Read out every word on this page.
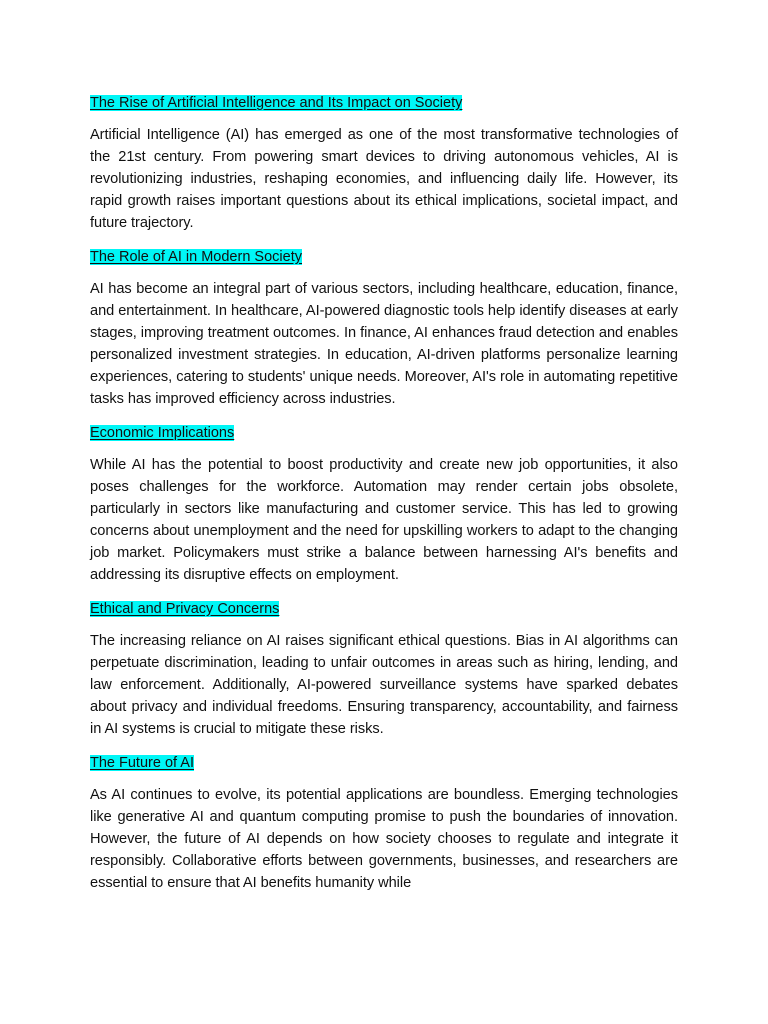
The Rise of Artificial Intelligence and Its Impact on Society

Artificial Intelligence (AI) has emerged as one of the most transformative technologies of the 21st century. From powering smart devices to driving autonomous vehicles, AI is revolutionizing industries, reshaping economies, and influencing daily life. However, its rapid growth raises important questions about its ethical implications, societal impact, and future trajectory.

The Role of AI in Modern Society

AI has become an integral part of various sectors, including healthcare, education, finance, and entertainment. In healthcare, AI-powered diagnostic tools help identify diseases at early stages, improving treatment outcomes. In finance, AI enhances fraud detection and enables personalized investment strategies. In education, AI-driven platforms personalize learning experiences, catering to students' unique needs. Moreover, AI's role in automating repetitive tasks has improved efficiency across industries.

Economic Implications

While AI has the potential to boost productivity and create new job opportunities, it also poses challenges for the workforce. Automation may render certain jobs obsolete, particularly in sectors like manufacturing and customer service. This has led to growing concerns about unemployment and the need for upskilling workers to adapt to the changing job market. Policymakers must strike a balance between harnessing AI's benefits and addressing its disruptive effects on employment.

Ethical and Privacy Concerns

The increasing reliance on AI raises significant ethical questions. Bias in AI algorithms can perpetuate discrimination, leading to unfair outcomes in areas such as hiring, lending, and law enforcement. Additionally, AI-powered surveillance systems have sparked debates about privacy and individual freedoms. Ensuring transparency, accountability, and fairness in AI systems is crucial to mitigate these risks.

The Future of AI

As AI continues to evolve, its potential applications are boundless. Emerging technologies like generative AI and quantum computing promise to push the boundaries of innovation. However, the future of AI depends on how society chooses to regulate and integrate it responsibly. Collaborative efforts between governments, businesses, and researchers are essential to ensure that AI benefits humanity while
